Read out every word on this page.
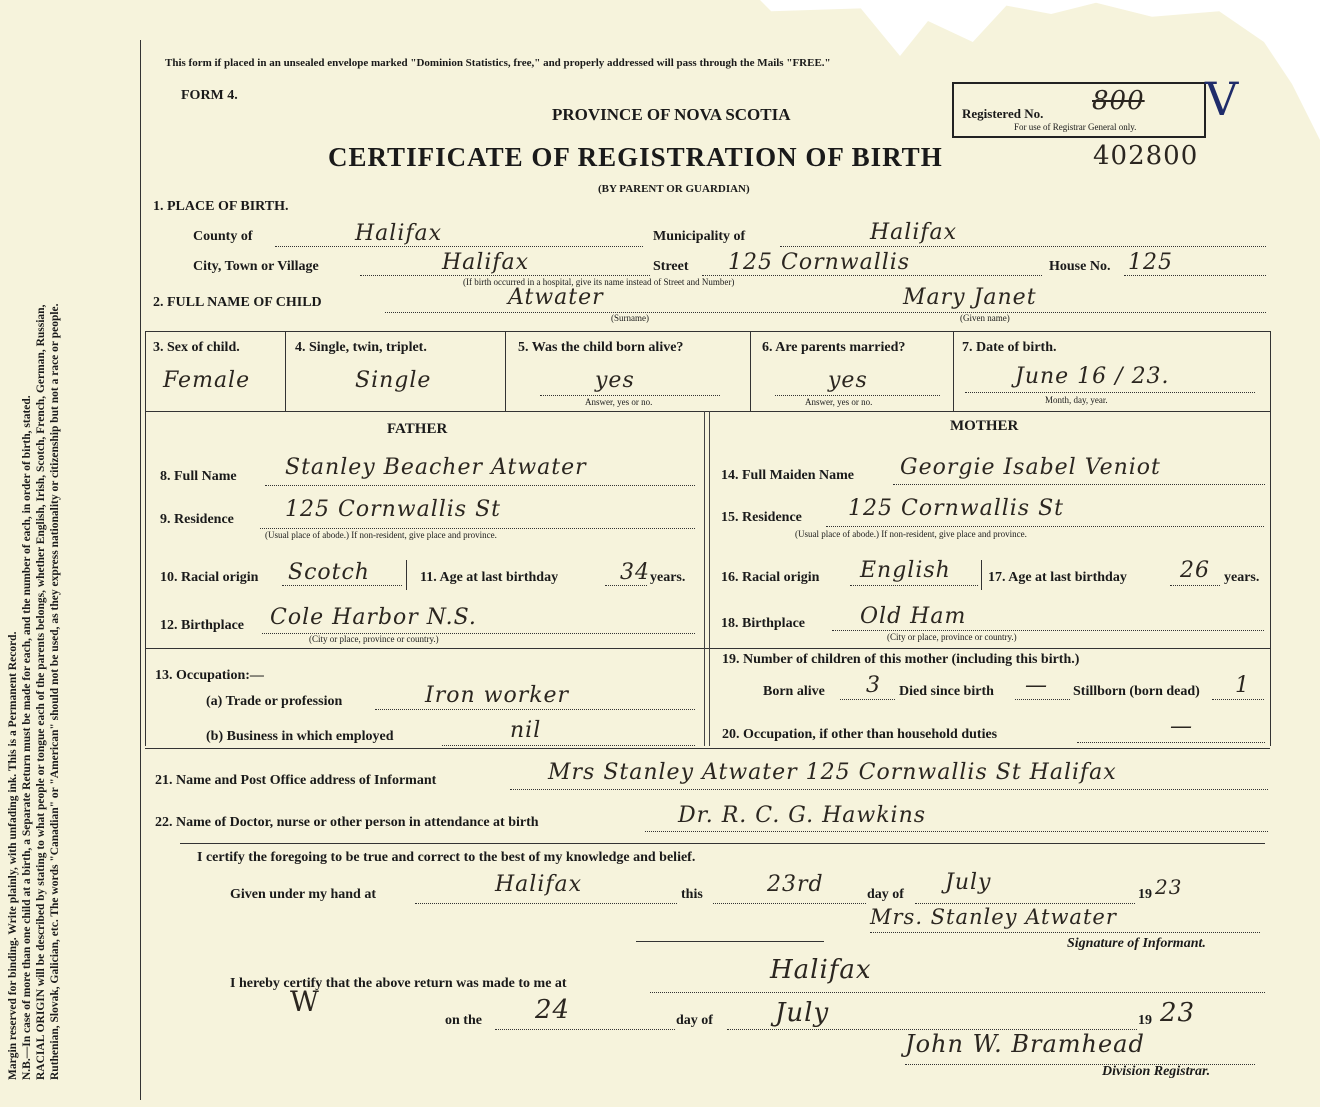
Margin reserved for binding. Write plainly, with unfading ink. This is a Permanent Record. N.B.—In case of more than one child at a birth, a Separate Return must be made for each, and the number of each, in order of birth, stated. RACIAL ORIGIN will be described by stating to what people or tongue each of the parents belongs, whether English, Irish, Scotch, French, German, Russian, Ruthenian, Slovak, Galician, etc. The words "Canadian" or "American" should not be used, as they express nationality or citizenship but not a race or people.
This form if placed in an unsealed envelope marked "Dominion Statistics, free," and properly addressed will pass through the Mails "FREE."
FORM 4.
PROVINCE OF NOVA SCOTIA	Registered No. 800
For use of Registrar General only.
V
CERTIFICATE OF REGISTRATION OF BIRTH	402800
(BY PARENT OR GUARDIAN)
1. PLACE OF BIRTH.
County of	Halifax	Municipality of	Halifax
City, Town or Village	Halifax	Street 125 Cornwallis	House No. 125
(If birth occurred in a hospital, give its name instead of Street and Number)
2. FULL NAME OF CHILD	Atwater
(Surname)
Mary Janet
(Given name)
3. Sex of child.
Female
4. Single, twin, triplet.
Single
5. Was the child born alive?
yes
Answer, yes or no.
6. Are parents married?
yes
Answer, yes or no.
7. Date of birth.
June 16 / 23.
Month, day, year.
FATHER	MOTHER
8. Full Name Stanley Beacher Atwater	14. Full Maiden Name Georgie Isabel Veniot
9. Residence 125 Cornwallis St
(Usual place of abode.) If non-resident, give place and province.
15. Residence 125 Cornwallis St
(Usual place of abode.) If non-resident, give place and province.
10. Racial origin Scotch	11. Age at last birthday	34 years.	16. Racial origin English	17. Age at last birthday 26 years.
12. Birthplace Cole Harbor N.S.
(City or place, province or country.)
18. Birthplace	Old Ham
(City or place, province or country.)
13. Occupation:—
(a) Trade or profession	Iron worker
(b) Business in which employed	nil
19. Number of children of this mother (including this birth.)
Born alive 3 Died since birth — Stillborn (born dead) 1
20. Occupation, if other than household duties	—
21. Name and Post Office address of Informant	Mrs Stanley Atwater 125 Cornwallis St Halifax
22. Name of Doctor, nurse or other person in attendance at birth	Dr. R. C. G. Hawkins
I certify the foregoing to be true and correct to the best of my knowledge and belief.
Given under my hand at	Halifax	this	23rd	day of July	19 23
Mrs. Stanley Atwater
Signature of Informant.
I hereby certify that the above return was made to me at	Halifax
W
on the 24	day of July	19 23
John W. Bramhead
Division Registrar.
